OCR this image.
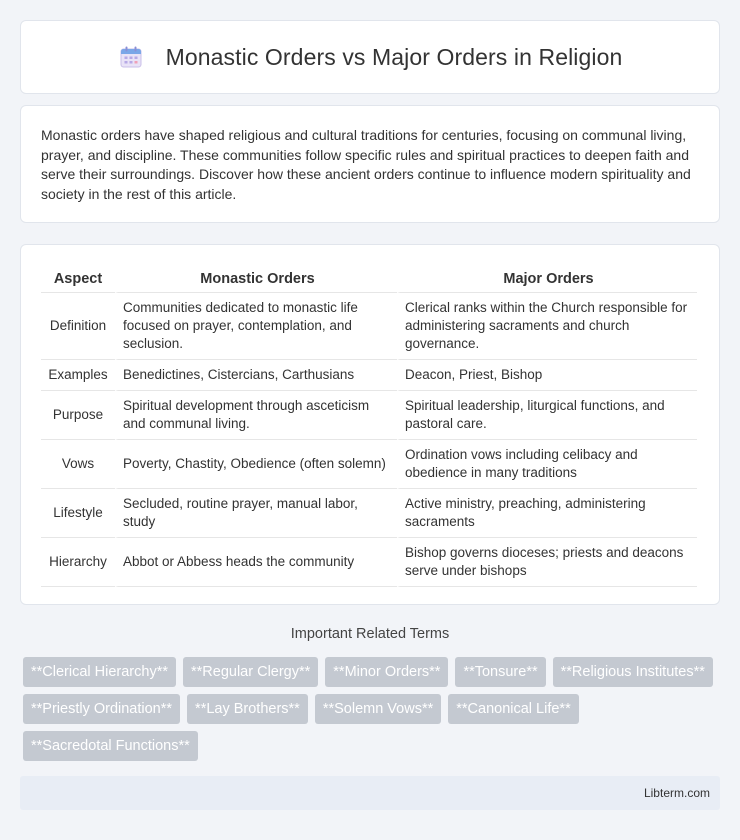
Monastic Orders vs Major Orders in Religion

Monastic orders have shaped religious and cultural traditions for centuries, focusing on communal living, prayer, and discipline. These communities follow specific rules and spiritual practices to deepen faith and serve their surroundings. Discover how these ancient orders continue to influence modern spirituality and society in the rest of this article.

Aspect	Monastic Orders	Major Orders
Definition	Communities dedicated to monastic life focused on prayer, contemplation, and seclusion.	Clerical ranks within the Church responsible for administering sacraments and church governance.
Examples	Benedictines, Cistercians, Carthusians	Deacon, Priest, Bishop
Purpose	Spiritual development through asceticism and communal living.	Spiritual leadership, liturgical functions, and pastoral care.
Vows	Poverty, Chastity, Obedience (often solemn)	Ordination vows including celibacy and obedience in many traditions
Lifestyle	Secluded, routine prayer, manual labor, study	Active ministry, preaching, administering sacraments
Hierarchy	Abbot or Abbess heads the community	Bishop governs dioceses; priests and deacons serve under bishops
Important Related Terms
**Clerical Hierarchy**	**Regular Clergy**	**Minor Orders**	**Tonsure**	**Religious Institutes**
**Priestly Ordination**	**Lay Brothers**	**Solemn Vows**	**Canonical Life**
**Sacredotal Functions**
Libterm.com
